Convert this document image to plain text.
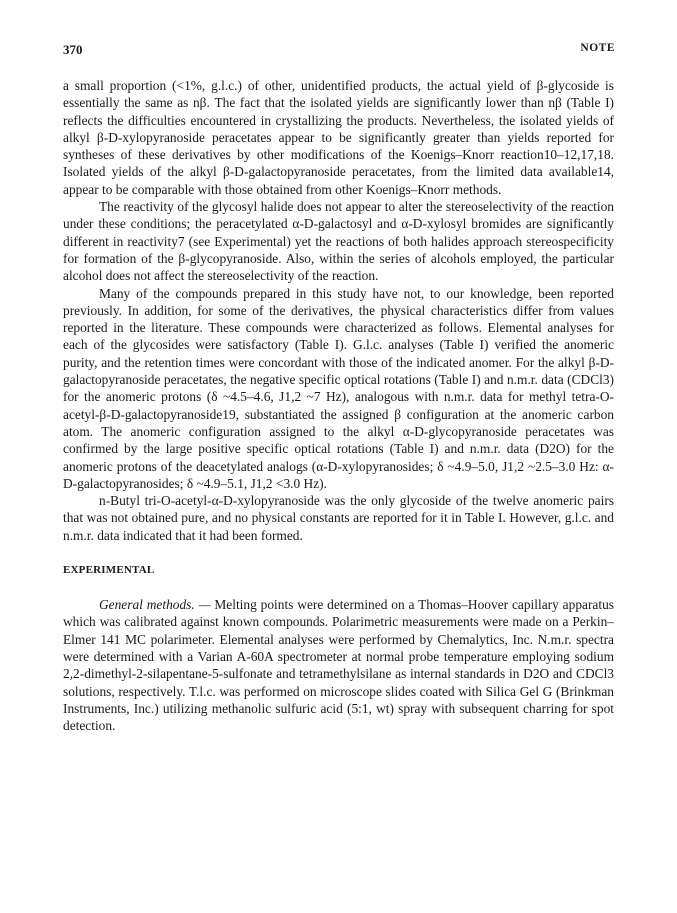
370	NOTE

a small proportion (<1%, g.l.c.) of other, unidentified products, the actual yield of β-glycoside is essentially the same as nβ. The fact that the isolated yields are significantly lower than nβ (Table I) reflects the difficulties encountered in crystallizing the products. Nevertheless, the isolated yields of alkyl β-D-xylopyranoside peracetates appear to be significantly greater than yields reported for syntheses of these derivatives by other modifications of the Koenigs–Knorr reaction10–12,17,18. Isolated yields of the alkyl β-D-galactopyranoside peracetates, from the limited data available14, appear to be comparable with those obtained from other Koenigs–Knorr methods.

The reactivity of the glycosyl halide does not appear to alter the stereoselectivity of the reaction under these conditions; the peracetylated α-D-galactosyl and α-D-xylosyl bromides are significantly different in reactivity7 (see Experimental) yet the reactions of both halides approach stereospecificity for formation of the β-glycopyranoside. Also, within the series of alcohols employed, the particular alcohol does not affect the stereoselectivity of the reaction.

Many of the compounds prepared in this study have not, to our knowledge, been reported previously. In addition, for some of the derivatives, the physical characteristics differ from values reported in the literature. These compounds were characterized as follows. Elemental analyses for each of the glycosides were satisfactory (Table I). G.l.c. analyses (Table I) verified the anomeric purity, and the retention times were concordant with those of the indicated anomer. For the alkyl β-D-galactopyranoside peracetates, the negative specific optical rotations (Table I) and n.m.r. data (CDCl3) for the anomeric protons (δ ~4.5–4.6, J1,2 ~7 Hz), analogous with n.m.r. data for methyl tetra-O-acetyl-β-D-galactopyranoside19, substantiated the assigned β configuration at the anomeric carbon atom. The anomeric configuration assigned to the alkyl α-D-glycopyranoside peracetates was confirmed by the large positive specific optical rotations (Table I) and n.m.r. data (D2O) for the anomeric protons of the deacetylated analogs (α-D-xylopyranosides; δ ~4.9–5.0, J1,2 ~2.5–3.0 Hz: α-D-galactopyranosides; δ ~4.9–5.1, J1,2 <3.0 Hz).

n-Butyl tri-O-acetyl-α-D-xylopyranoside was the only glycoside of the twelve anomeric pairs that was not obtained pure, and no physical constants are reported for it in Table I. However, g.l.c. and n.m.r. data indicated that it had been formed.

EXPERIMENTAL

General methods. — Melting points were determined on a Thomas–Hoover capillary apparatus which was calibrated against known compounds. Polarimetric measurements were made on a Perkin–Elmer 141 MC polarimeter. Elemental analyses were performed by Chemalytics, Inc. N.m.r. spectra were determined with a Varian A-60A spectrometer at normal probe temperature employing sodium 2,2-dimethyl-2-silapentane-5-sulfonate and tetramethylsilane as internal standards in D2O and CDCl3 solutions, respectively. T.l.c. was performed on microscope slides coated with Silica Gel G (Brinkman Instruments, Inc.) utilizing methanolic sulfuric acid (5:1, wt) spray with subsequent charring for spot detection.
